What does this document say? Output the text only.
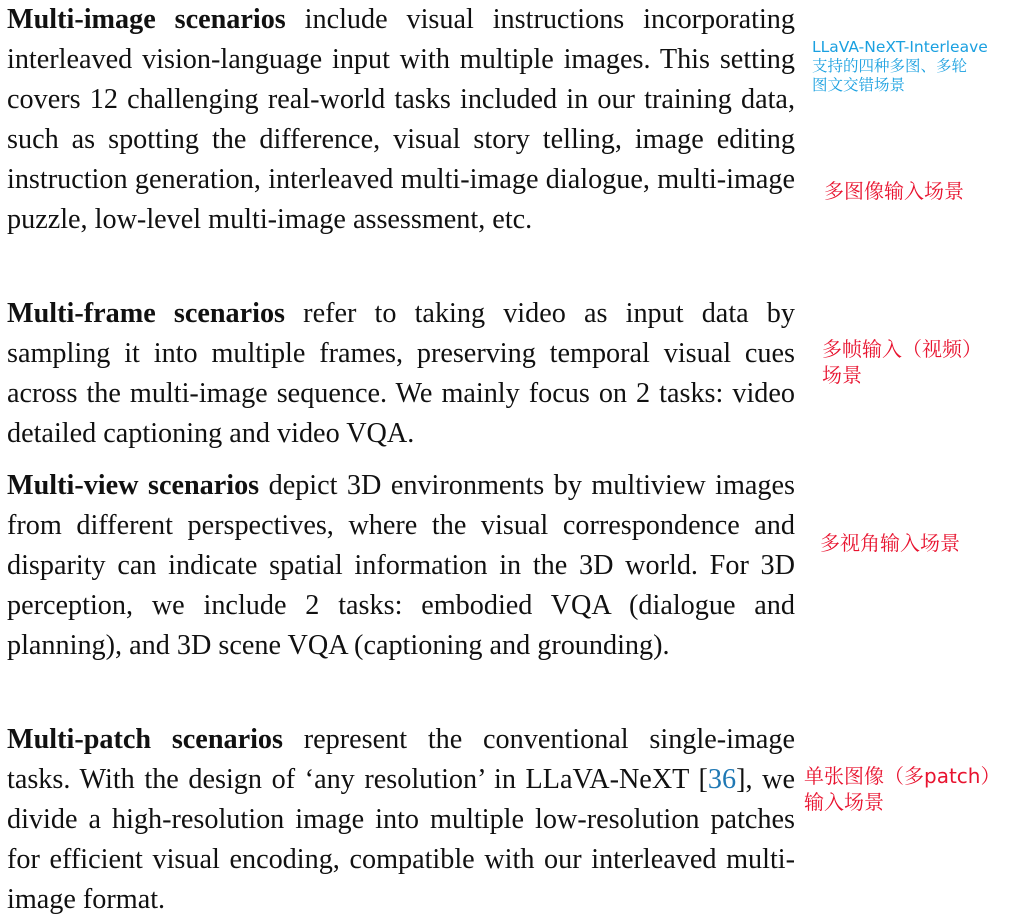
Multi-image scenarios include visual instructions incorporating interleaved vision-language input with multiple images. This setting covers 12 challenging real-world tasks included in our training data, such as spotting the difference, visual story telling, image editing instruction generation, interleaved multi-image dialogue, multi-image puzzle, low-level multi-image assessment, etc.

Multi-frame scenarios refer to taking video as input data by sampling it into multiple frames, preserving temporal visual cues across the multi-image sequence. We mainly focus on 2 tasks: video detailed captioning and video VQA.

Multi-view scenarios depict 3D environments by multiview images from different perspectives, where the visual correspondence and disparity can indicate spatial information in the 3D world. For 3D perception, we include 2 tasks: embodied VQA (dialogue and planning), and 3D scene VQA (captioning and grounding).

Multi-patch scenarios represent the conventional single-image tasks. With the design of ‘any resolution’ in LLaVA-NeXT [36], we divide a high-resolution image into multiple low-resolution patches for efficient visual encoding, compatible with our interleaved multi-image format.

LLaVA-NeXT-Interleave
支持的四种多图、多轮
图文交错场景
多图像输入场景
多帧输入（视频）
场景
多视角输入场景
单张图像（多patch）
输入场景
